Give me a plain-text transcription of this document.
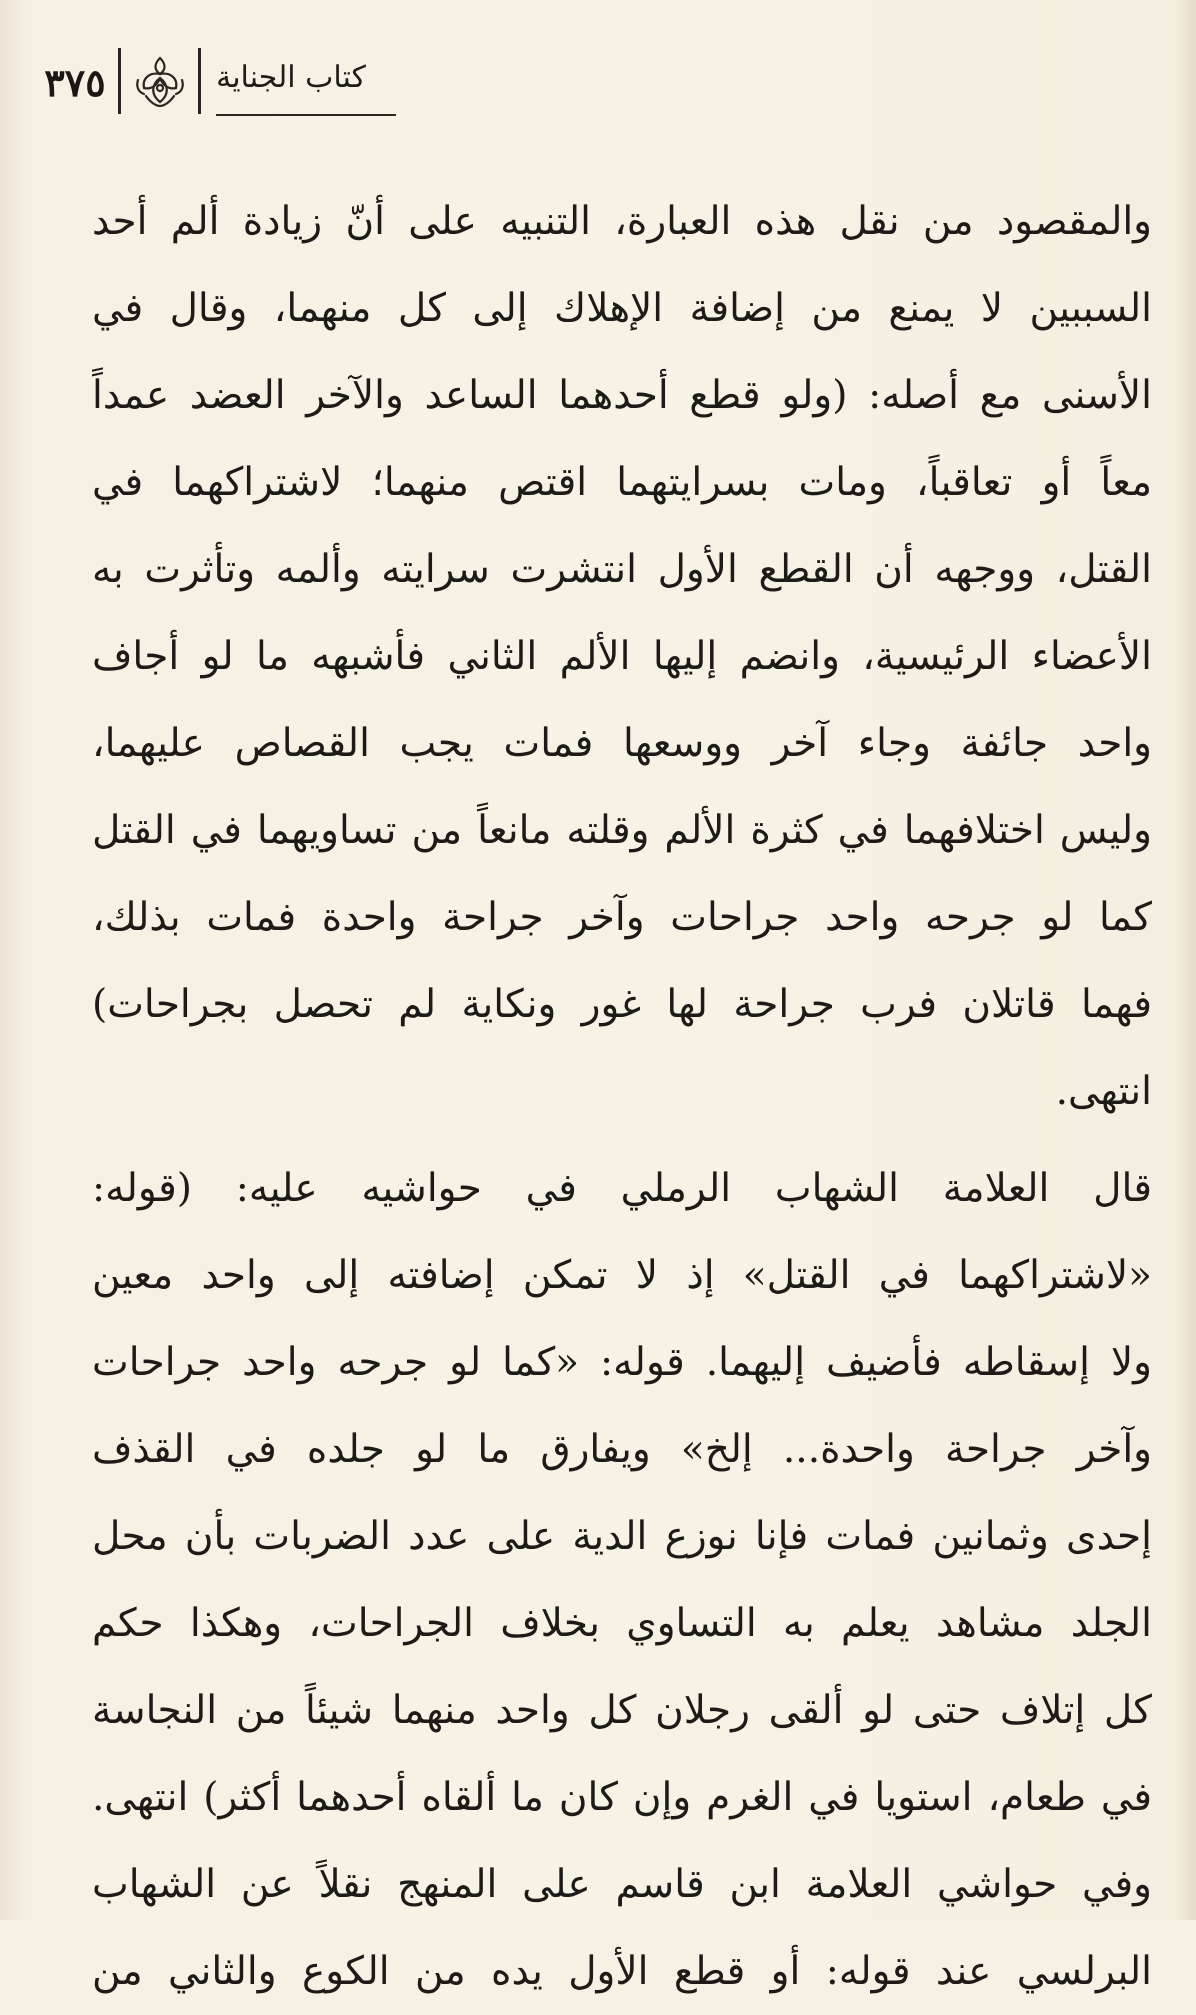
٣٧٥	كتاب الجناية
والمقصود من نقل هذه العبارة، التنبيه على أنّ زيادة ألم أحد
السببين لا يمنع من إضافة الإهلاك إلى كل منهما، وقال في
الأسنى مع أصله: (ولو قطع أحدهما الساعد والآخر العضد عمداً
معاً أو تعاقباً، ومات بسرايتهما اقتص منهما؛ لاشتراكهما في
القتل، ووجهه أن القطع الأول انتشرت سرايته وألمه وتأثرت به
الأعضاء الرئيسية، وانضم إليها الألم الثاني فأشبهه ما لو أجاف
واحد جائفة وجاء آخر ووسعها فمات يجب القصاص عليهما،
وليس اختلافهما في كثرة الألم وقلته مانعاً من تساويهما في القتل
كما لو جرحه واحد جراحات وآخر جراحة واحدة فمات بذلك،
فهما قاتلان فرب جراحة لها غور ونكاية لم تحصل بجراحات)
انتهى.
قال العلامة الشهاب الرملي في حواشيه عليه: (قوله:
«لاشتراكهما في القتل» إذ لا تمكن إضافته إلى واحد معين
ولا إسقاطه فأضيف إليهما. قوله: «كما لو جرحه واحد جراحات
وآخر جراحة واحدة... إلخ» ويفارق ما لو جلده في القذف
إحدى وثمانين فمات فإنا نوزع الدية على عدد الضربات بأن محل
الجلد مشاهد يعلم به التساوي بخلاف الجراحات، وهكذا حكم
كل إتلاف حتى لو ألقى رجلان كل واحد منهما شيئاً من النجاسة
في طعام، استويا في الغرم وإن كان ما ألقاه أحدهما أكثر) انتهى.
وفي حواشي العلامة ابن قاسم على المنهج نقلاً عن الشهاب
البرلسي عند قوله: أو قطع الأول يده من الكوع والثاني من
